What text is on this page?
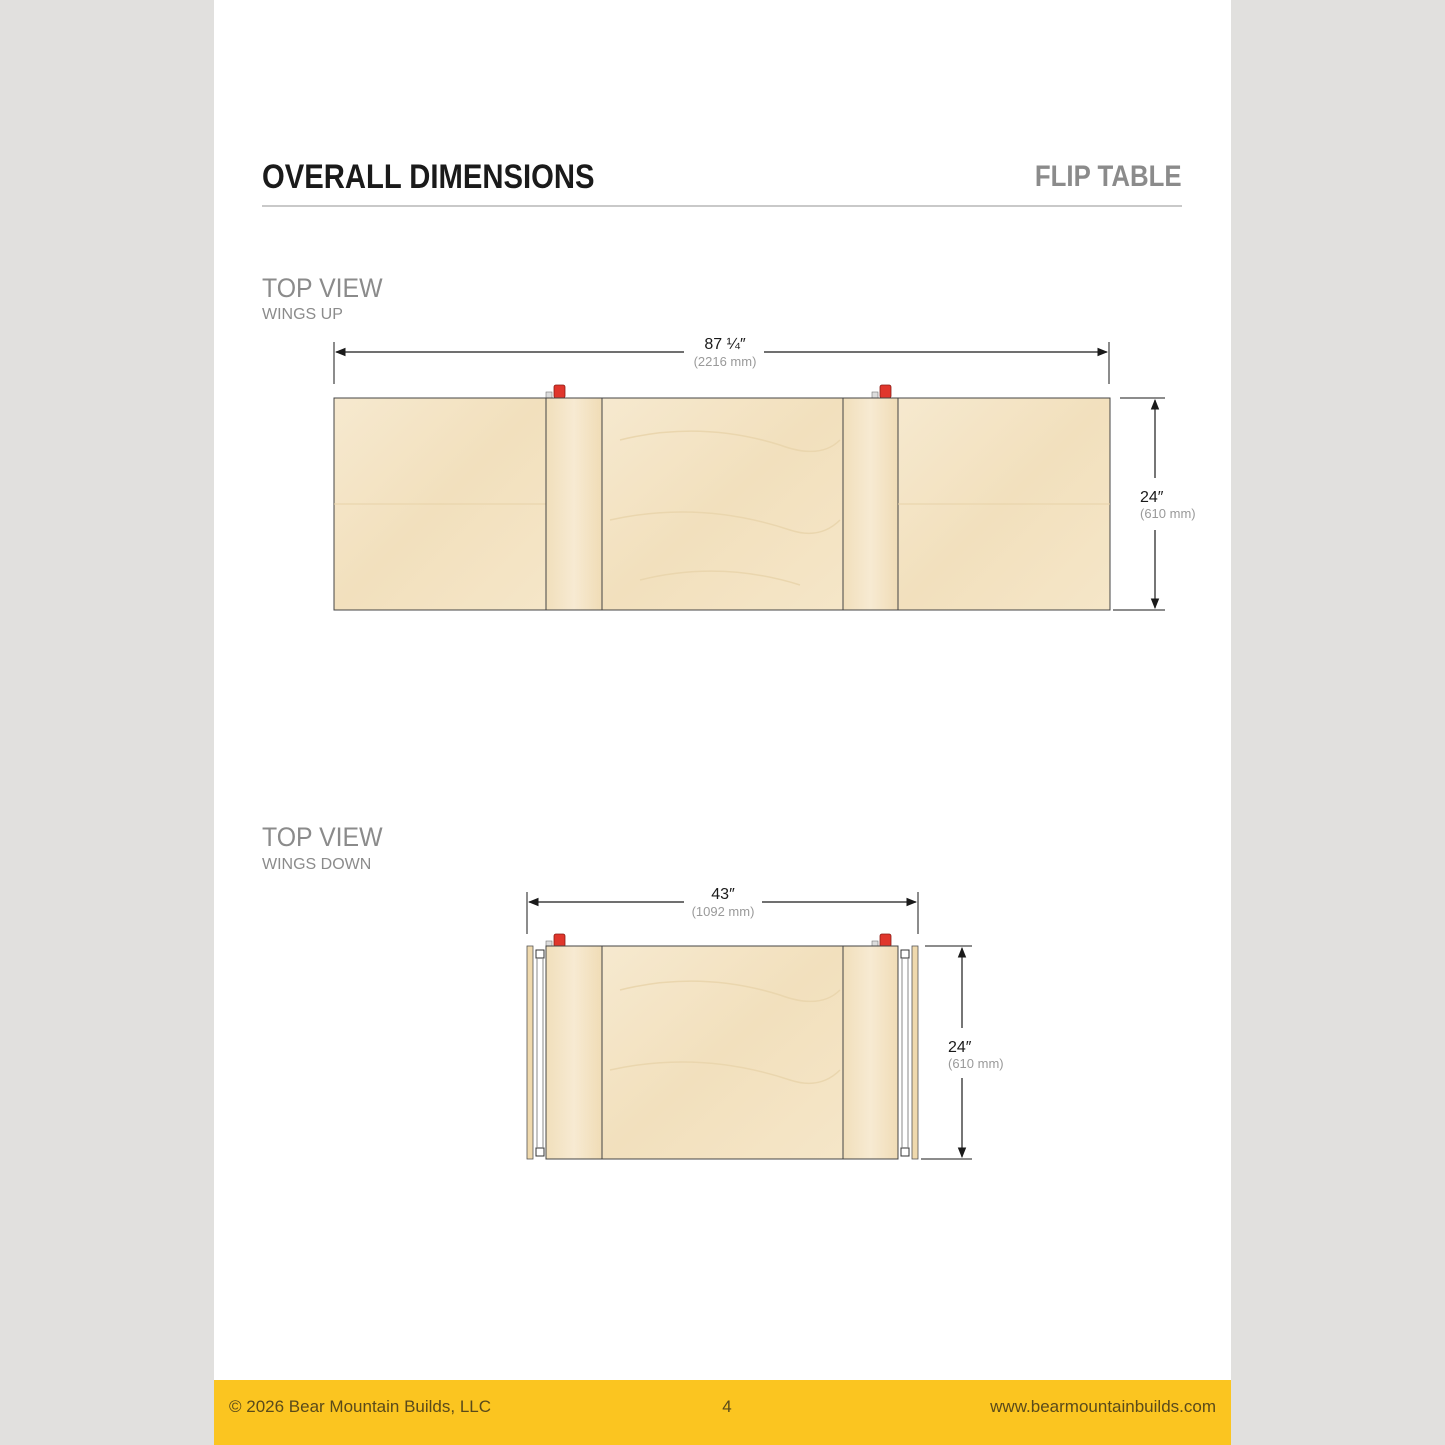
OVERALL DIMENSIONS	FLIP TABLE
TOP VIEW
WINGS UP
TOP VIEW
WINGS DOWN
87 ¼″
(2216 mm)
24″
(610 mm)
43″
(1092 mm)
24″
(610 mm)
© 2026 Bear Mountain Builds, LLC	4	www.bearmountainbuilds.com
